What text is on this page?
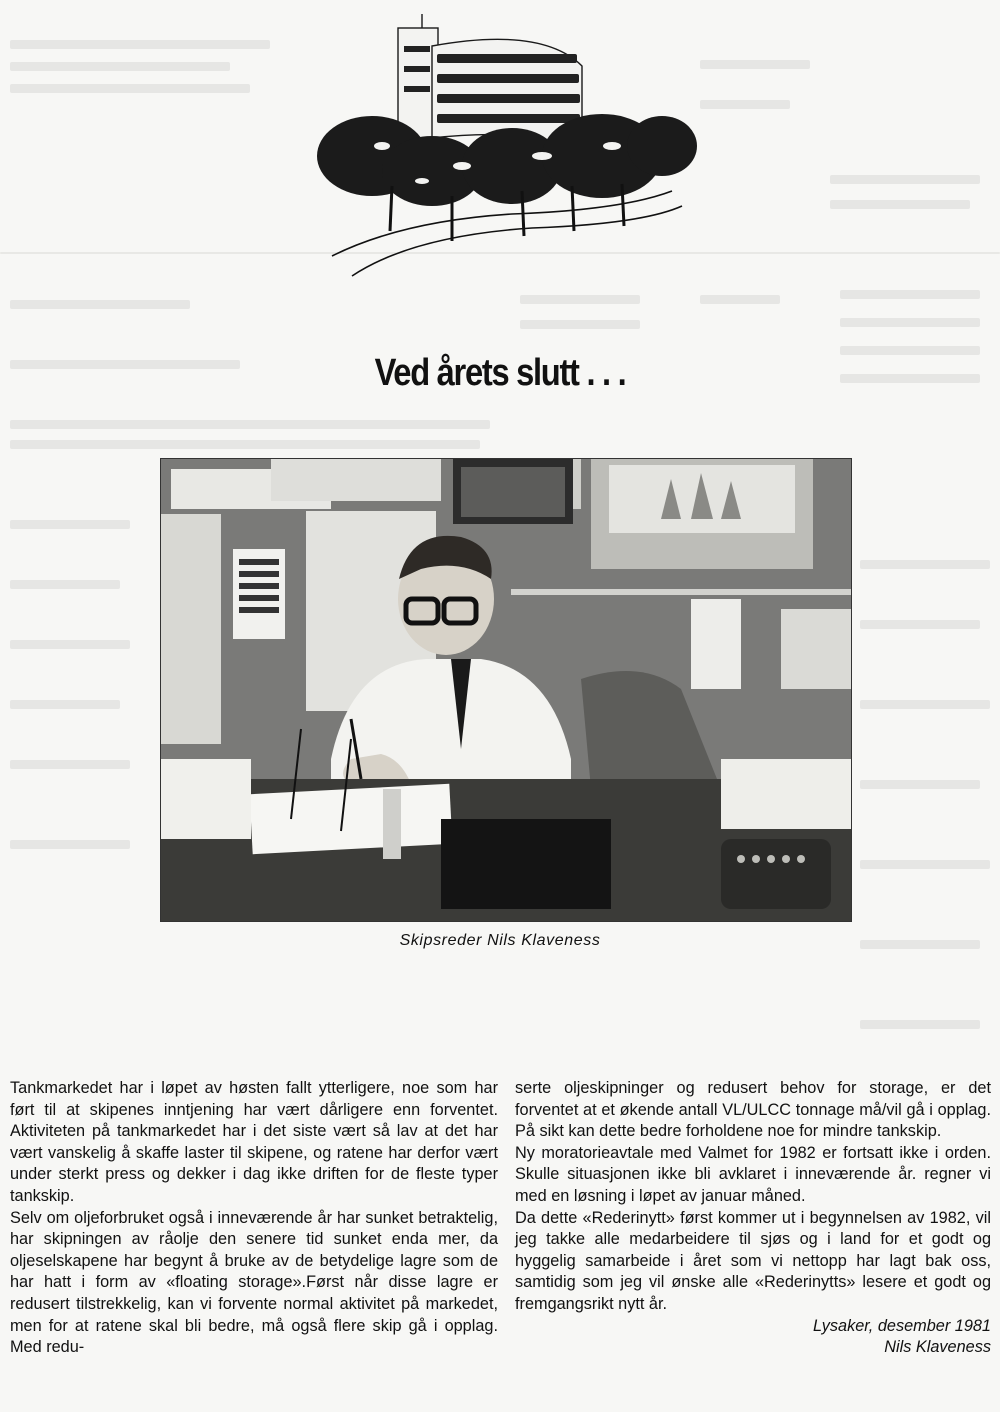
Ved årets slutt . . .
Skipsreder Nils Klaveness

Tankmarkedet har i løpet av høsten fallt ytterligere, noe som har ført til at skipenes inntjening har vært dårligere enn forventet. Aktiviteten på tankmarkedet har i det siste vært så lav at det har vært vanskelig å skaffe laster til skipene, og ratene har derfor vært under sterkt press og dekker i dag ikke driften for de fleste typer tankskip.

Selv om oljeforbruket også i inneværende år har sunket betraktelig, har skipningen av råolje den senere tid sunket enda mer, da oljeselskapene har begynt å bruke av de betydelige lagre som de har hatt i form av «floating storage».Først når disse lagre er redusert tilstrekkelig, kan vi forvente normal aktivitet på markedet, men for at ratene skal bli bedre, må også flere skip gå i opplag. Med redu-

serte oljeskipninger og redusert behov for storage, er det forventet at et økende antall VL/ULCC tonnage må/vil gå i opplag. På sikt kan dette bedre forholdene noe for mindre tankskip.

Ny moratorieavtale med Valmet for 1982 er fortsatt ikke i orden. Skulle situasjonen ikke bli avklaret i inneværende år. regner vi med en løsning i løpet av januar måned.

Da dette «Rederinytt» først kommer ut i begynnelsen av 1982, vil jeg takke alle medarbeidere til sjøs og i land for et godt og hyggelig samarbeide i året som vi nettopp har lagt bak oss, samtidig som jeg vil ønske alle «Rederinytts» lesere et godt og fremgangsrikt nytt år.

Lysaker, desember 1981

Nils Klaveness
